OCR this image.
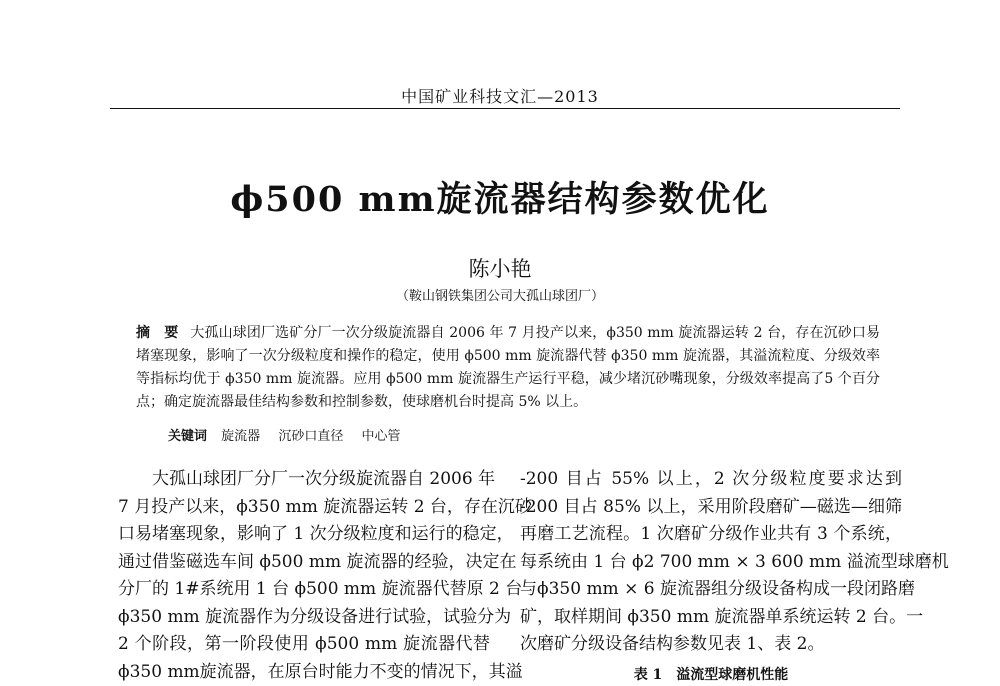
中国矿业科技文汇—2013
ϕ500 mm旋流器结构参数优化
陈小艳
（鞍山钢铁集团公司大孤山球团厂）
摘　要 大孤山球团厂选矿分厂一次分级旋流器自 2006 年 7 月投产以来，ϕ350 mm 旋流器运转 2 台，存在沉砂口易堵塞现象，影响了一次分级粒度和操作的稳定，使用 ϕ500 mm 旋流器代替 ϕ350 mm 旋流器，其溢流粒度、分级效率等指标均优于 ϕ350 mm 旋流器。应用 ϕ500 mm 旋流器生产运行平稳，减少堵沉砂嘴现象，分级效率提高了5 个百分点；确定旋流器最佳结构参数和控制参数，使球磨机台时提高 5% 以上。
关键词 旋流器 沉砂口直径 中心管
大孤山球团厂分厂一次分级旋流器自 2006 年
7 月投产以来，ϕ350 mm 旋流器运转 2 台，存在沉砂
口易堵塞现象，影响了 1 次分级粒度和运行的稳定，
通过借鉴磁选车间 ϕ500 mm 旋流器的经验，决定在
分厂的 1#系统用 1 台 ϕ500 mm 旋流器代替原 2 台
ϕ350 mm 旋流器作为分级设备进行试验，试验分为
2 个阶段，第一阶段使用 ϕ500 mm 旋流器代替
ϕ350 mm旋流器，在原台时能力不变的情况下，其溢
-200 目占 55% 以上，2 次分级粒度要求达到
-200 目占 85% 以上，采用阶段磨矿—磁选—细筛
再磨工艺流程。1 次磨矿分级作业共有 3 个系统，
每系统由 1 台 ϕ2 700 mm × 3 600 mm 溢流型球磨机
与ϕ350 mm × 6 旋流器组分级设备构成一段闭路磨
矿，取样期间 ϕ350 mm 旋流器单系统运转 2 台。一
次磨矿分级设备结构参数见表 1、表 2。
表 1　溢流型球磨机性能
